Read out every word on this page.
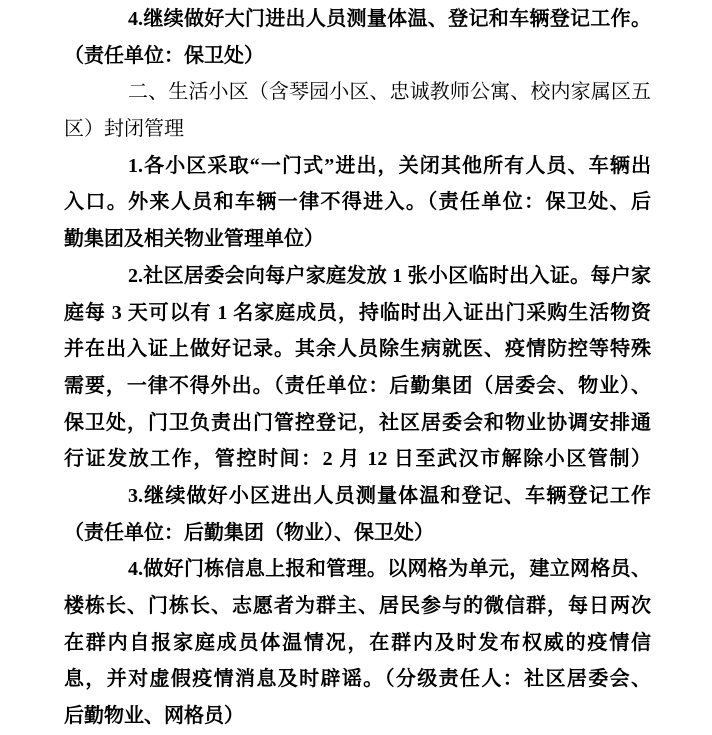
4.继续做好大门进出人员测量体温、登记和车辆登记工作。
（责任单位：保卫处）
二、生活小区（含琴园小区、忠诚教师公寓、校内家属区五
区）封闭管理
1.各小区采取“一门式”进出，关闭其他所有人员、车辆出
入口。外来人员和车辆一律不得进入。（责任单位：保卫处、后
勤集团及相关物业管理单位）
2.社区居委会向每户家庭发放 1 张小区临时出入证。每户家
庭每 3 天可以有 1 名家庭成员，持临时出入证出门采购生活物资
并在出入证上做好记录。其余人员除生病就医、疫情防控等特殊
需要，一律不得外出。（责任单位：后勤集团（居委会、物业）、
保卫处，门卫负责出门管控登记，社区居委会和物业协调安排通
行证发放工作，管控时间：2 月 12 日至武汉市解除小区管制）
3.继续做好小区进出人员测量体温和登记、车辆登记工作
（责任单位：后勤集团（物业）、保卫处）
4.做好门栋信息上报和管理。以网格为单元，建立网格员、
楼栋长、门栋长、志愿者为群主、居民参与的微信群，每日两次
在群内自报家庭成员体温情况，在群内及时发布权威的疫情信
息，并对虚假疫情消息及时辟谣。（分级责任人：社区居委会、
后勤物业、网格员）
